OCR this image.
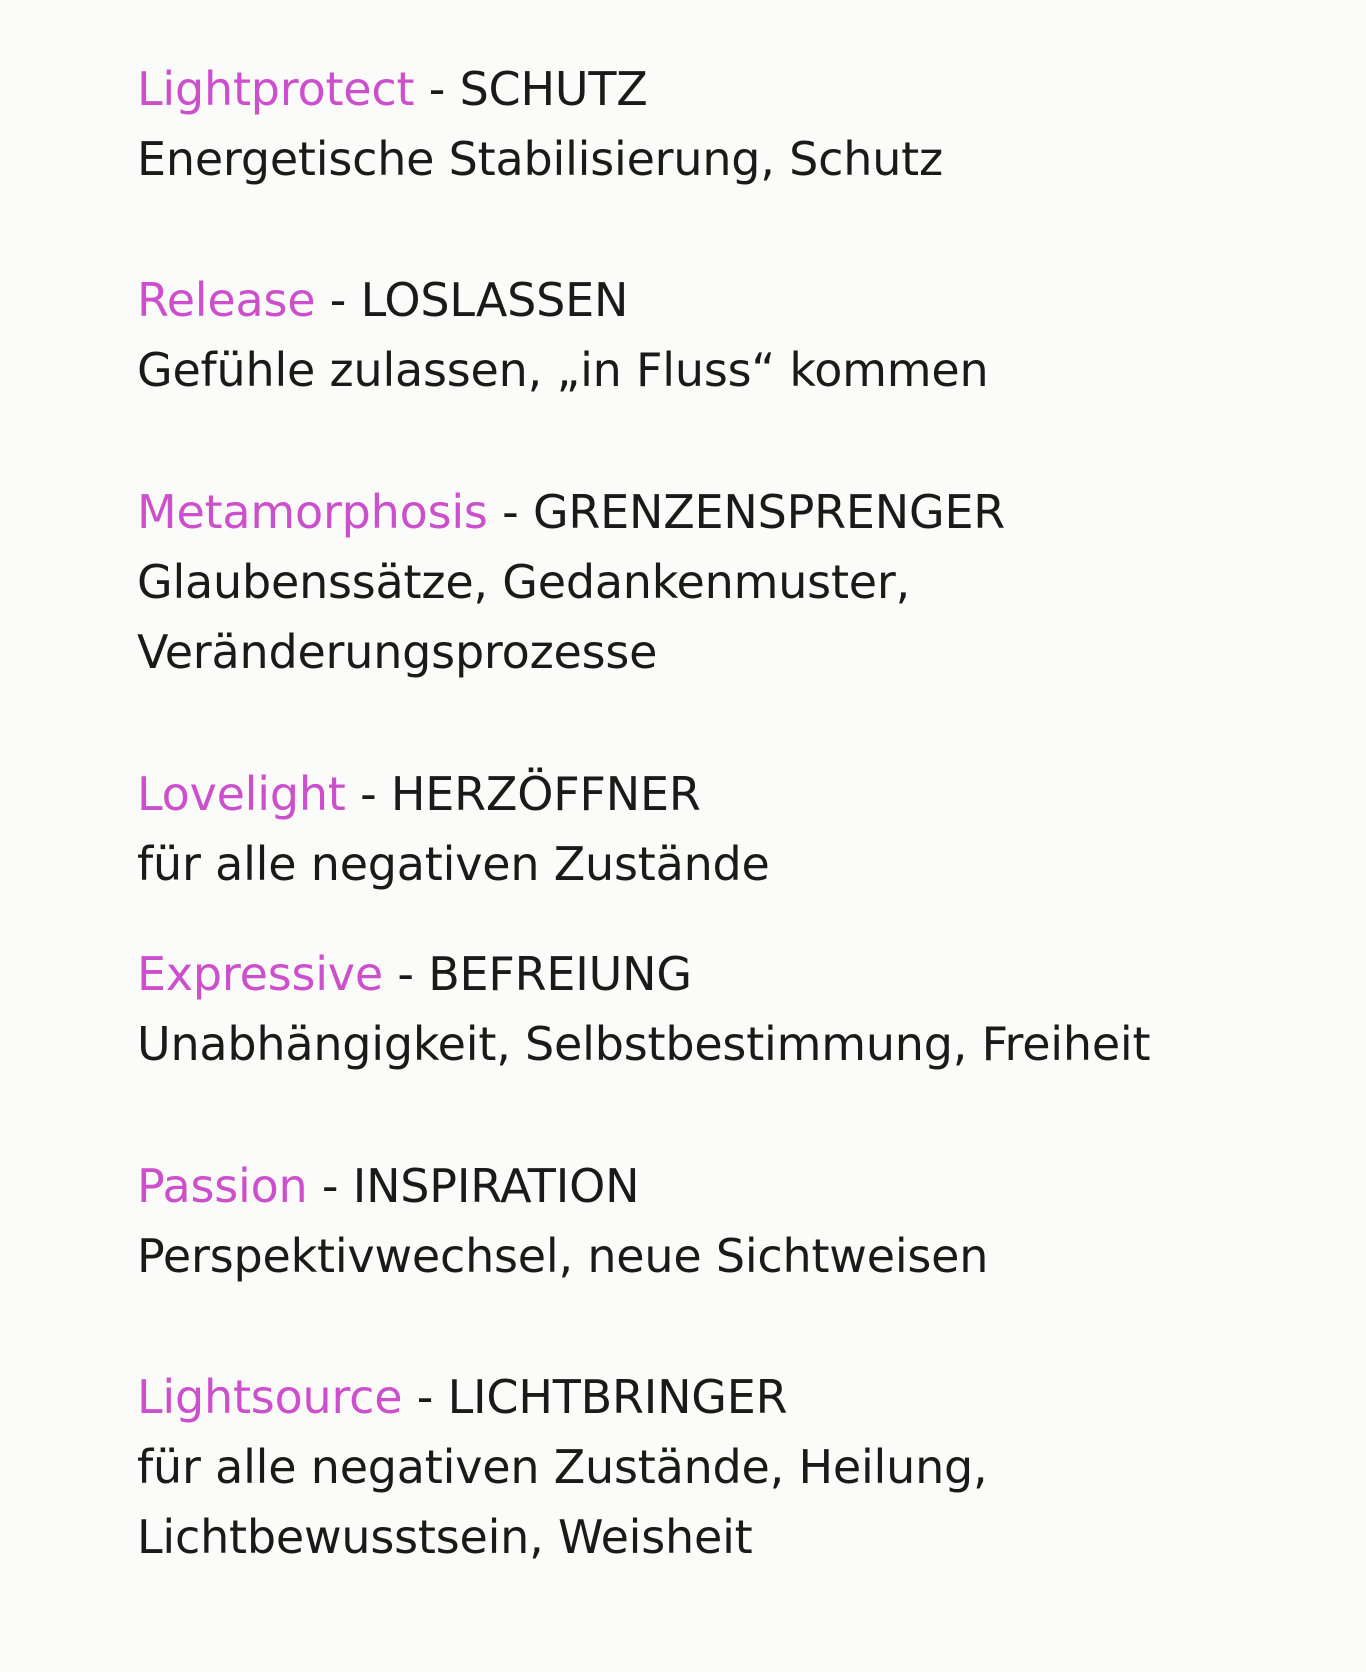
Lightprotect - SCHUTZ
Energetische Stabilisierung, Schutz
Release - LOSLASSEN
Gefühle zulassen, „in Fluss“ kommen
Metamorphosis - GRENZENSPRENGER
Glaubenssätze, Gedankenmuster,
Veränderungsprozesse
Lovelight - HERZÖFFNER
für alle negativen Zustände
Expressive - BEFREIUNG
Unabhängigkeit, Selbstbestimmung, Freiheit
Passion - INSPIRATION
Perspektivwechsel, neue Sichtweisen
Lightsource - LICHTBRINGER
für alle negativen Zustände, Heilung,
Lichtbewusstsein, Weisheit
